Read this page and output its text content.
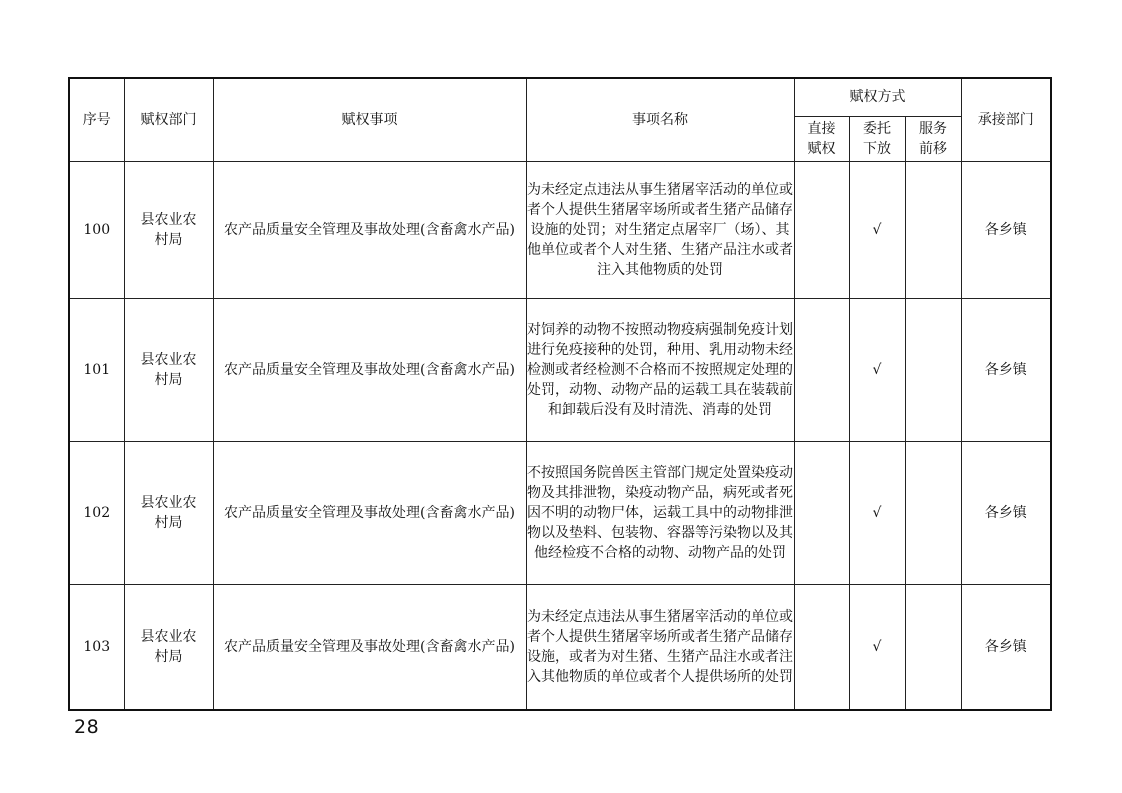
序号	赋权部门	赋权事项	事项名称	赋权方式			承接部门

				直接赋权	委托下放	服务前移	

100	县农业农村局	农产品质量安全管理及事故处理(含畜禽水产品)	为未经定点违法从事生猪屠宰活动的单位或者个人提供生猪屠宰场所或者生猪产品储存设施的处罚；对生猪定点屠宰厂（场）、其他单位或者个人对生猪、生猪产品注水或者注入其他物质的处罚		√		各乡镇
101	县农业农村局	农产品质量安全管理及事故处理(含畜禽水产品)	对饲养的动物不按照动物疫病强制免疫计划进行免疫接种的处罚，种用、乳用动物未经检测或者经检测不合格而不按照规定处理的处罚，动物、动物产品的运载工具在装载前和卸载后没有及时清洗、消毒的处罚		√		各乡镇
102	县农业农村局	农产品质量安全管理及事故处理(含畜禽水产品)	不按照国务院兽医主管部门规定处置染疫动物及其排泄物，染疫动物产品，病死或者死因不明的动物尸体，运载工具中的动物排泄物以及垫料、包装物、容器等污染物以及其他经检疫不合格的动物、动物产品的处罚		√		各乡镇
103	县农业农村局	农产品质量安全管理及事故处理(含畜禽水产品)	为未经定点违法从事生猪屠宰活动的单位或者个人提供生猪屠宰场所或者生猪产品储存设施，或者为对生猪、生猪产品注水或者注入其他物质的单位或者个人提供场所的处罚		√		各乡镇
28
